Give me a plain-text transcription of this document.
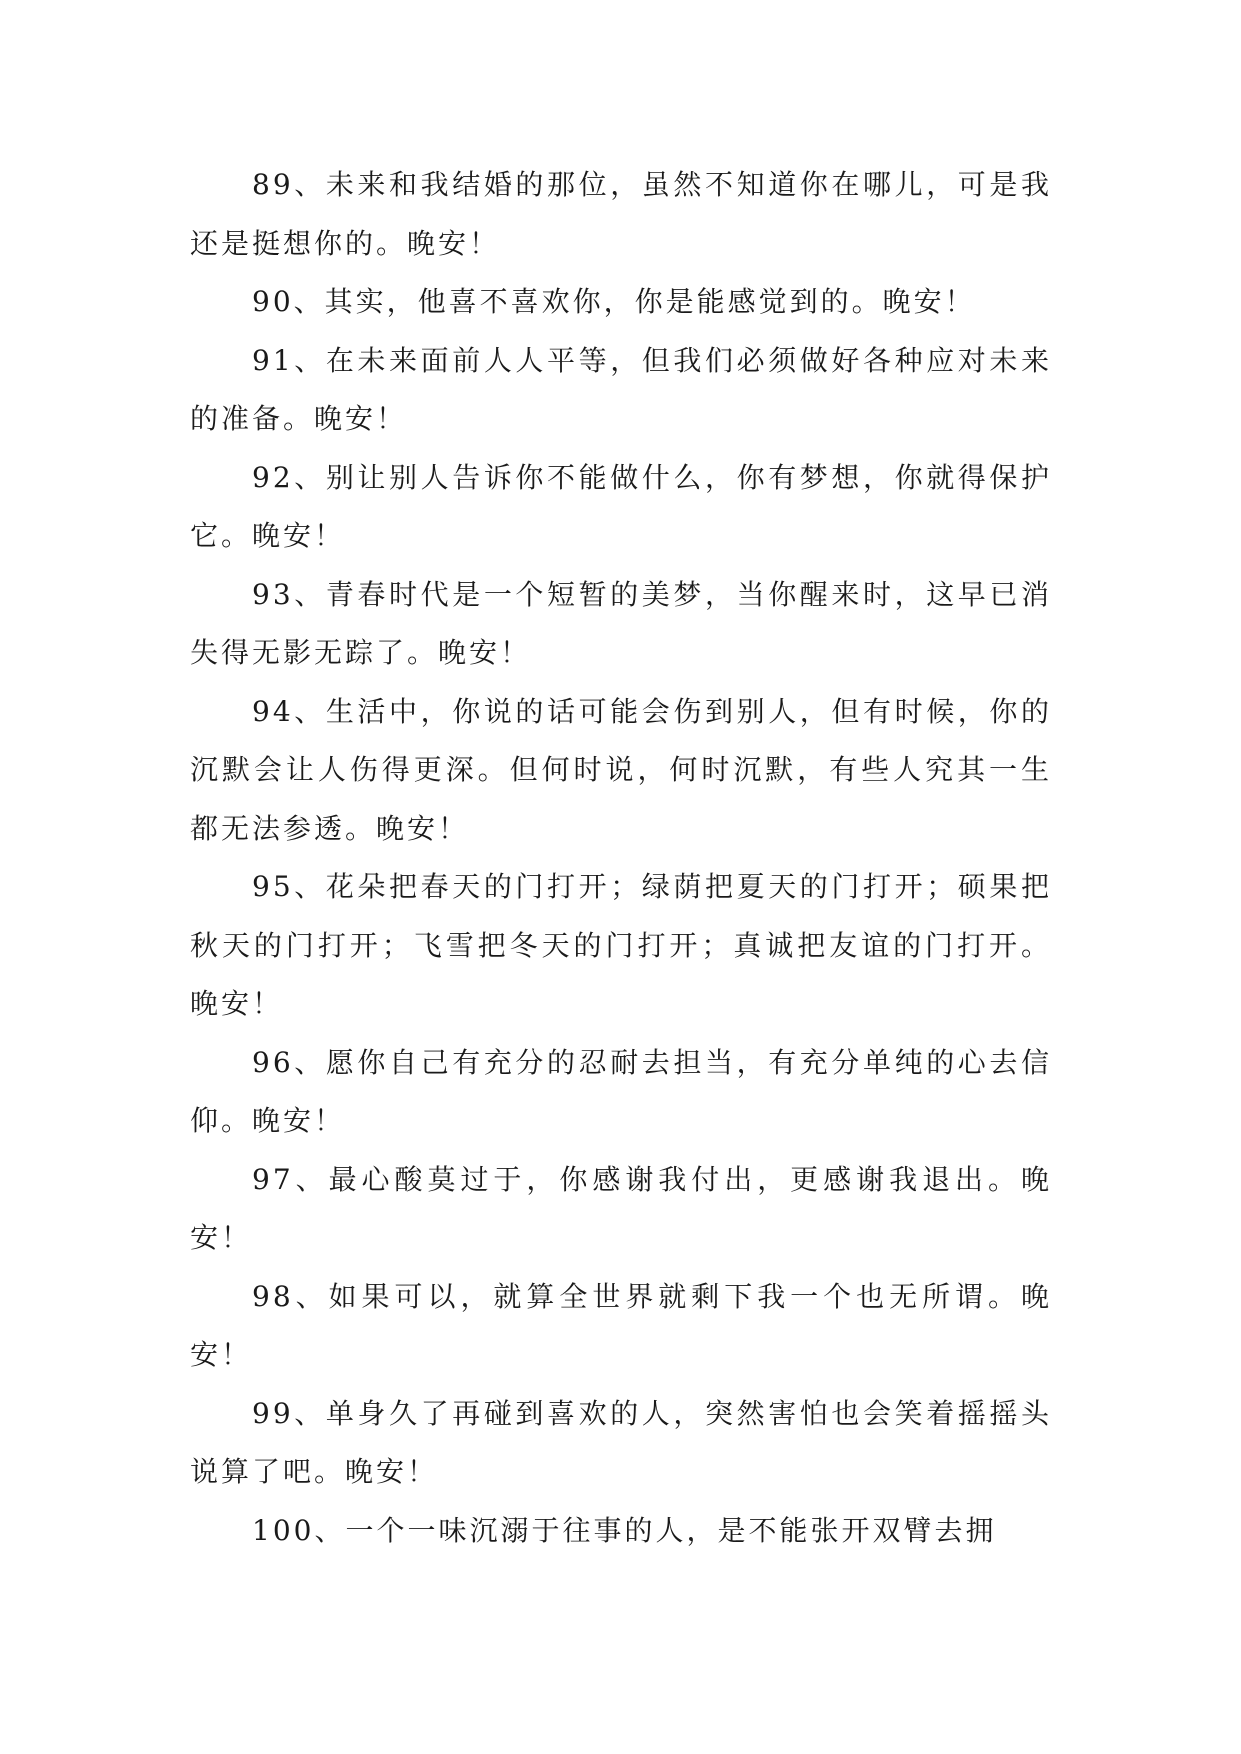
89、未来和我结婚的那位，虽然不知道你在哪儿，可是我还是挺想你的。晚安！

90、其实，他喜不喜欢你，你是能感觉到的。晚安！

91、在未来面前人人平等，但我们必须做好各种应对未来的准备。晚安！

92、别让别人告诉你不能做什么，你有梦想，你就得保护它。晚安！

93、青春时代是一个短暂的美梦，当你醒来时，这早已消失得无影无踪了。晚安！

94、生活中，你说的话可能会伤到别人，但有时候，你的沉默会让人伤得更深。但何时说，何时沉默，有些人究其一生都无法参透。晚安！

95、花朵把春天的门打开；绿荫把夏天的门打开；硕果把秋天的门打开；飞雪把冬天的门打开；真诚把友谊的门打开。晚安！

96、愿你自己有充分的忍耐去担当，有充分单纯的心去信仰。晚安！

97、最心酸莫过于，你感谢我付出，更感谢我退出。晚安！

98、如果可以，就算全世界就剩下我一个也无所谓。晚安！

99、单身久了再碰到喜欢的人，突然害怕也会笑着摇摇头说算了吧。晚安！

100、一个一味沉溺于往事的人，是不能张开双臂去拥
